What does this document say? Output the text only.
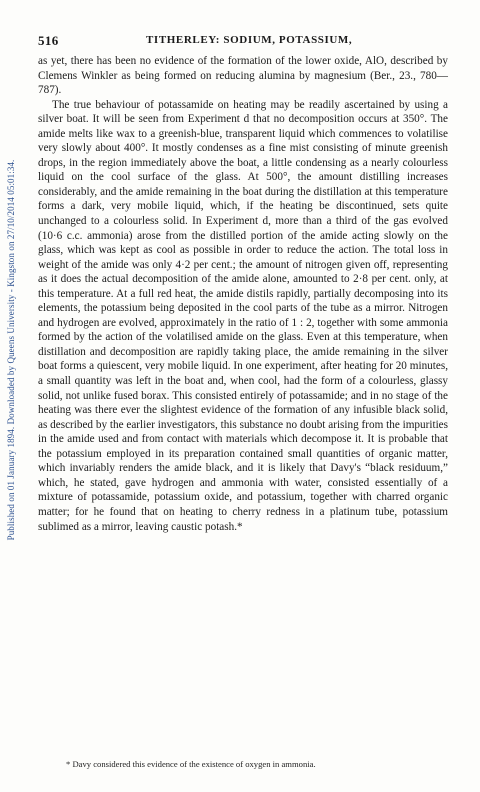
Published on 01 January 1894. Downloaded by Queens University - Kingston on 27/10/2014 05:01:34.
516	TITHERLEY: SODIUM, POTASSIUM,

as yet, there has been no evidence of the formation of the lower oxide, AlO, described by Clemens Winkler as being formed on reducing alumina by magnesium (Ber., 23., 780—787).

The true behaviour of potassamide on heating may be readily ascertained by using a silver boat. It will be seen from Experiment d that no decomposition occurs at 350°. The amide melts like wax to a greenish-blue, transparent liquid which commences to volatilise very slowly about 400°. It mostly condenses as a fine mist consisting of minute greenish drops, in the region immediately above the boat, a little condensing as a nearly colourless liquid on the cool surface of the glass. At 500°, the amount distilling increases considerably, and the amide remaining in the boat during the distillation at this temperature forms a dark, very mobile liquid, which, if the heating be discontinued, sets quite unchanged to a colourless solid. In Experiment d, more than a third of the gas evolved (10·6 c.c. ammonia) arose from the distilled portion of the amide acting slowly on the glass, which was kept as cool as possible in order to reduce the action. The total loss in weight of the amide was only 4·2 per cent.; the amount of nitrogen given off, representing as it does the actual decomposition of the amide alone, amounted to 2·8 per cent. only, at this temperature. At a full red heat, the amide distils rapidly, partially decomposing into its elements, the potassium being deposited in the cool parts of the tube as a mirror. Nitrogen and hydrogen are evolved, approximately in the ratio of 1 : 2, together with some ammonia formed by the action of the volatilised amide on the glass. Even at this temperature, when distillation and decomposition are rapidly taking place, the amide remaining in the silver boat forms a quiescent, very mobile liquid. In one experiment, after heating for 20 minutes, a small quantity was left in the boat and, when cool, had the form of a colourless, glassy solid, not unlike fused borax. This consisted entirely of potassamide; and in no stage of the heating was there ever the slightest evidence of the formation of any infusible black solid, as described by the earlier investigators, this substance no doubt arising from the impurities in the amide used and from contact with materials which decompose it. It is probable that the potassium employed in its preparation contained small quantities of organic matter, which invariably renders the amide black, and it is likely that Davy's “black residuum,” which, he stated, gave hydrogen and ammonia with water, consisted essentially of a mixture of potassamide, potassium oxide, and potassium, together with charred organic matter; for he found that on heating to cherry redness in a platinum tube, potassium sublimed as a mirror, leaving caustic potash.*

* Davy considered this evidence of the existence of oxygen in ammonia.
